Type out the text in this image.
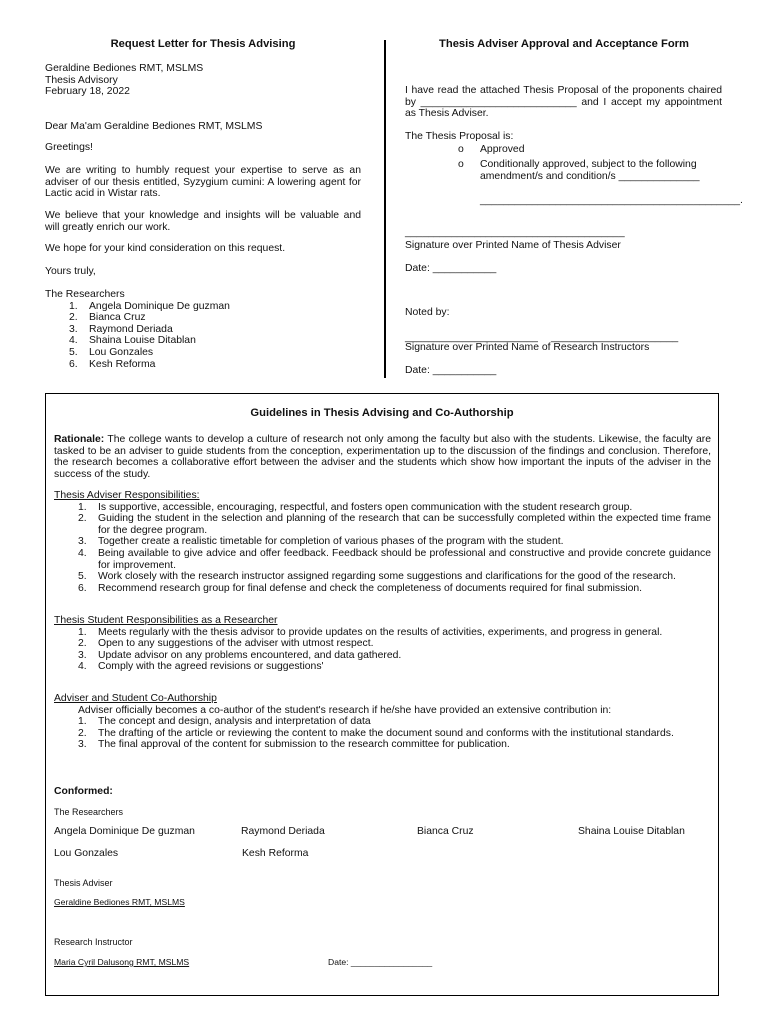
Request Letter for Thesis Advising
Geraldine Bediones RMT, MSLMS
Thesis Advisory
February 18, 2022
Dear Ma'am Geraldine Bediones RMT, MSLMS
Greetings!
We are writing to humbly request your expertise to serve as an adviser of our thesis entitled, Syzygium cumini: A lowering agent for Lactic acid in Wistar rats.
We believe that your knowledge and insights will be valuable and will greatly enrich our work.
We hope for your kind consideration on this request.
Yours truly,
The Researchers
1. Angela Dominique De guzman
2. Bianca Cruz
3. Raymond Deriada
4. Shaina Louise Ditablan
5. Lou Gonzales
6. Kesh Reforma
Thesis Adviser Approval and Acceptance Form
I have read the attached Thesis Proposal of the proponents chaired by ___________________________ and I accept my appointment as Thesis Adviser.
The Thesis Proposal is:
o Approved
o Conditionally approved, subject to the following amendment/s and condition/s ______________
_____________________________________________.
______________________________________
Signature over Printed Name of Thesis Adviser
Date: ___________
Noted by:
_______________________ ______________________
Signature over Printed Name of Research Instructors
Date: ___________
Guidelines in Thesis Advising and Co-Authorship
Rationale: The college wants to develop a culture of research not only among the faculty but also with the students. Likewise, the faculty are tasked to be an adviser to guide students from the conception, experimentation up to the discussion of the findings and conclusion. Therefore, the research becomes a collaborative effort between the adviser and the students which show how important the inputs of the adviser in the success of the study.
Thesis Adviser Responsibilities:
1. Is supportive, accessible, encouraging, respectful, and fosters open communication with the student research group.
2. Guiding the student in the selection and planning of the research that can be successfully completed within the expected time frame for the degree program.
3. Together create a realistic timetable for completion of various phases of the program with the student.
4. Being available to give advice and offer feedback. Feedback should be professional and constructive and provide concrete guidance for improvement.
5. Work closely with the research instructor assigned regarding some suggestions and clarifications for the good of the research.
6. Recommend research group for final defense and check the completeness of documents required for final submission.
Thesis Student Responsibilities as a Researcher
1. Meets regularly with the thesis advisor to provide updates on the results of activities, experiments, and progress in general.
2. Open to any suggestions of the adviser with utmost respect.
3. Update advisor on any problems encountered, and data gathered.
4. Comply with the agreed revisions or suggestions'
Adviser and Student Co-Authorship
Adviser officially becomes a co-author of the student's research if he/she have provided an extensive contribution in:
1. The concept and design, analysis and interpretation of data
2. The drafting of the article or reviewing the content to make the document sound and conforms with the institutional standards.
3. The final approval of the content for submission to the research committee for publication.
Conformed:
The Researchers
Angela Dominique De guzman	Raymond Deriada	Bianca Cruz	Shaina Louise Ditablan
Lou Gonzales	Kesh Reforma
Thesis Adviser
Geraldine Bediones RMT, MSLMS
Research Instructor
Maria Cyril Dalusong RMT, MSLMS	Date: _________________
